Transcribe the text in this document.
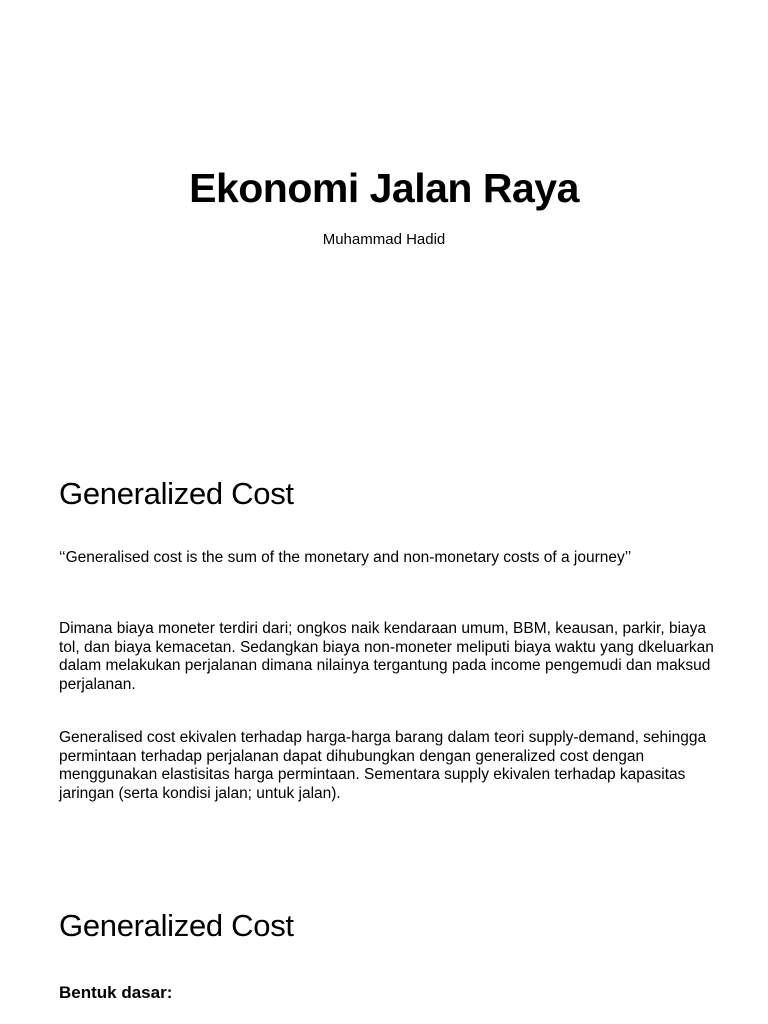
Ekonomi Jalan Raya
Muhammad Hadid
Generalized Cost

‘‘Generalised cost is the sum of the monetary and non-monetary costs of a journey’’

Dimana biaya moneter terdiri dari; ongkos naik kendaraan umum, BBM, keausan, parkir, biaya tol, dan biaya kemacetan. Sedangkan biaya non-moneter meliputi biaya waktu yang dkeluarkan dalam melakukan perjalanan dimana nilainya tergantung pada income pengemudi dan maksud perjalanan.

Generalised cost ekivalen terhadap harga-harga barang dalam teori supply-demand, sehingga permintaan terhadap perjalanan dapat dihubungkan dengan generalized cost dengan menggunakan elastisitas harga permintaan. Sementara supply ekivalen terhadap kapasitas jaringan (serta kondisi jalan; untuk jalan).

Generalized Cost
Bentuk dasar:
